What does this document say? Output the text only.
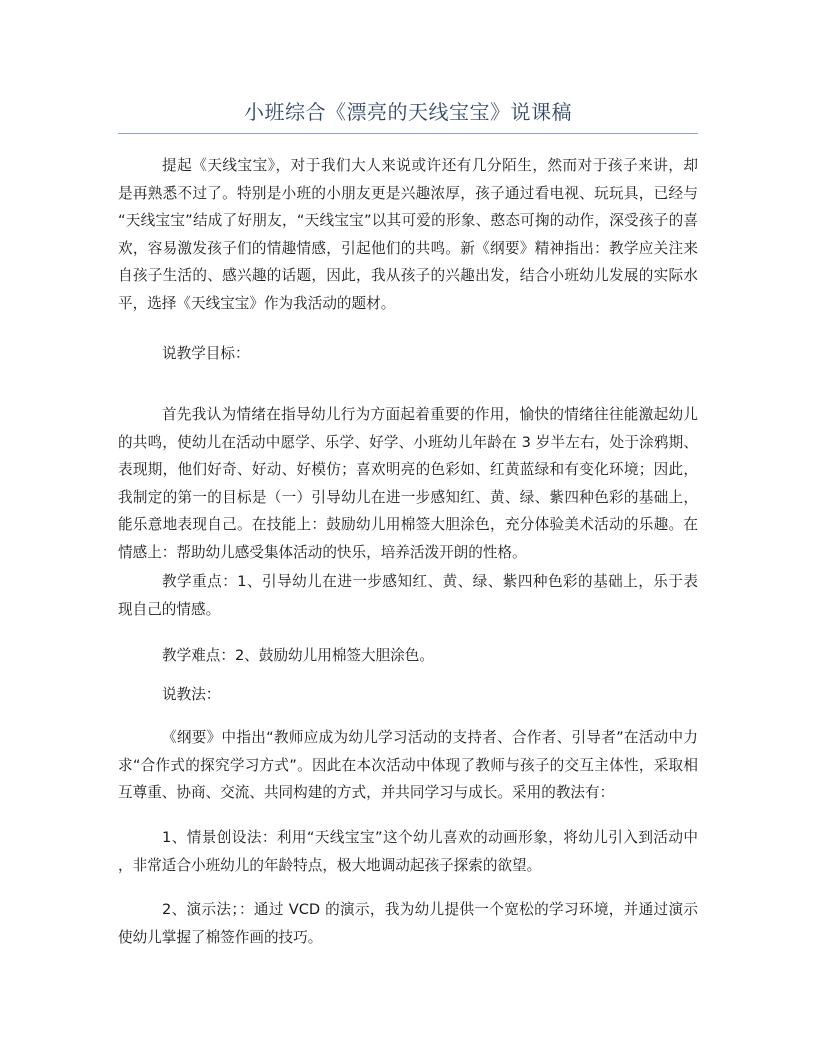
小班综合《漂亮的天线宝宝》说课稿
提起《天线宝宝》，对于我们大人来说或许还有几分陌生，然而对于孩子来讲，却
是再熟悉不过了。特别是小班的小朋友更是兴趣浓厚，孩子通过看电视、玩玩具，已经与
“天线宝宝”结成了好朋友，“天线宝宝”以其可爱的形象、憨态可掬的动作，深受孩子的喜
欢，容易激发孩子们的情趣情感，引起他们的共鸣。新《纲要》精神指出：教学应关注来
自孩子生活的、感兴趣的话题，因此，我从孩子的兴趣出发，结合小班幼儿发展的实际水
平，选择《天线宝宝》作为我活动的题材。
说教学目标：
首先我认为情绪在指导幼儿行为方面起着重要的作用，愉快的情绪往往能激起幼儿
的共鸣，使幼儿在活动中愿学、乐学、好学、小班幼儿年龄在 3 岁半左右，处于涂鸦期、
表现期，他们好奇、好动、好模仿；喜欢明亮的色彩如、红黄蓝绿和有变化环境；因此，
我制定的第一的目标是（一）引导幼儿在进一步感知红、黄、绿、紫四种色彩的基础上，
能乐意地表现自己。在技能上：鼓励幼儿用棉签大胆涂色，充分体验美术活动的乐趣。在
情感上：帮助幼儿感受集体活动的快乐，培养活泼开朗的性格。
教学重点：1、引导幼儿在进一步感知红、黄、绿、紫四种色彩的基础上，乐于表
现自己的情感。
教学难点：2、鼓励幼儿用棉签大胆涂色。
说教法：
《纲要》中指出“教师应成为幼儿学习活动的支持者、合作者、引导者”在活动中力
求“合作式的探究学习方式”。因此在本次活动中体现了教师与孩子的交互主体性，采取相
互尊重、协商、交流、共同构建的方式，并共同学习与成长。采用的教法有：
1、情景创设法：利用“天线宝宝”这个幼儿喜欢的动画形象，将幼儿引入到活动中
，非常适合小班幼儿的年龄特点，极大地调动起孩子探索的欲望。
2、演示法；：通过 VCD 的演示，我为幼儿提供一个宽松的学习环境，并通过演示
使幼儿掌握了棉签作画的技巧。
